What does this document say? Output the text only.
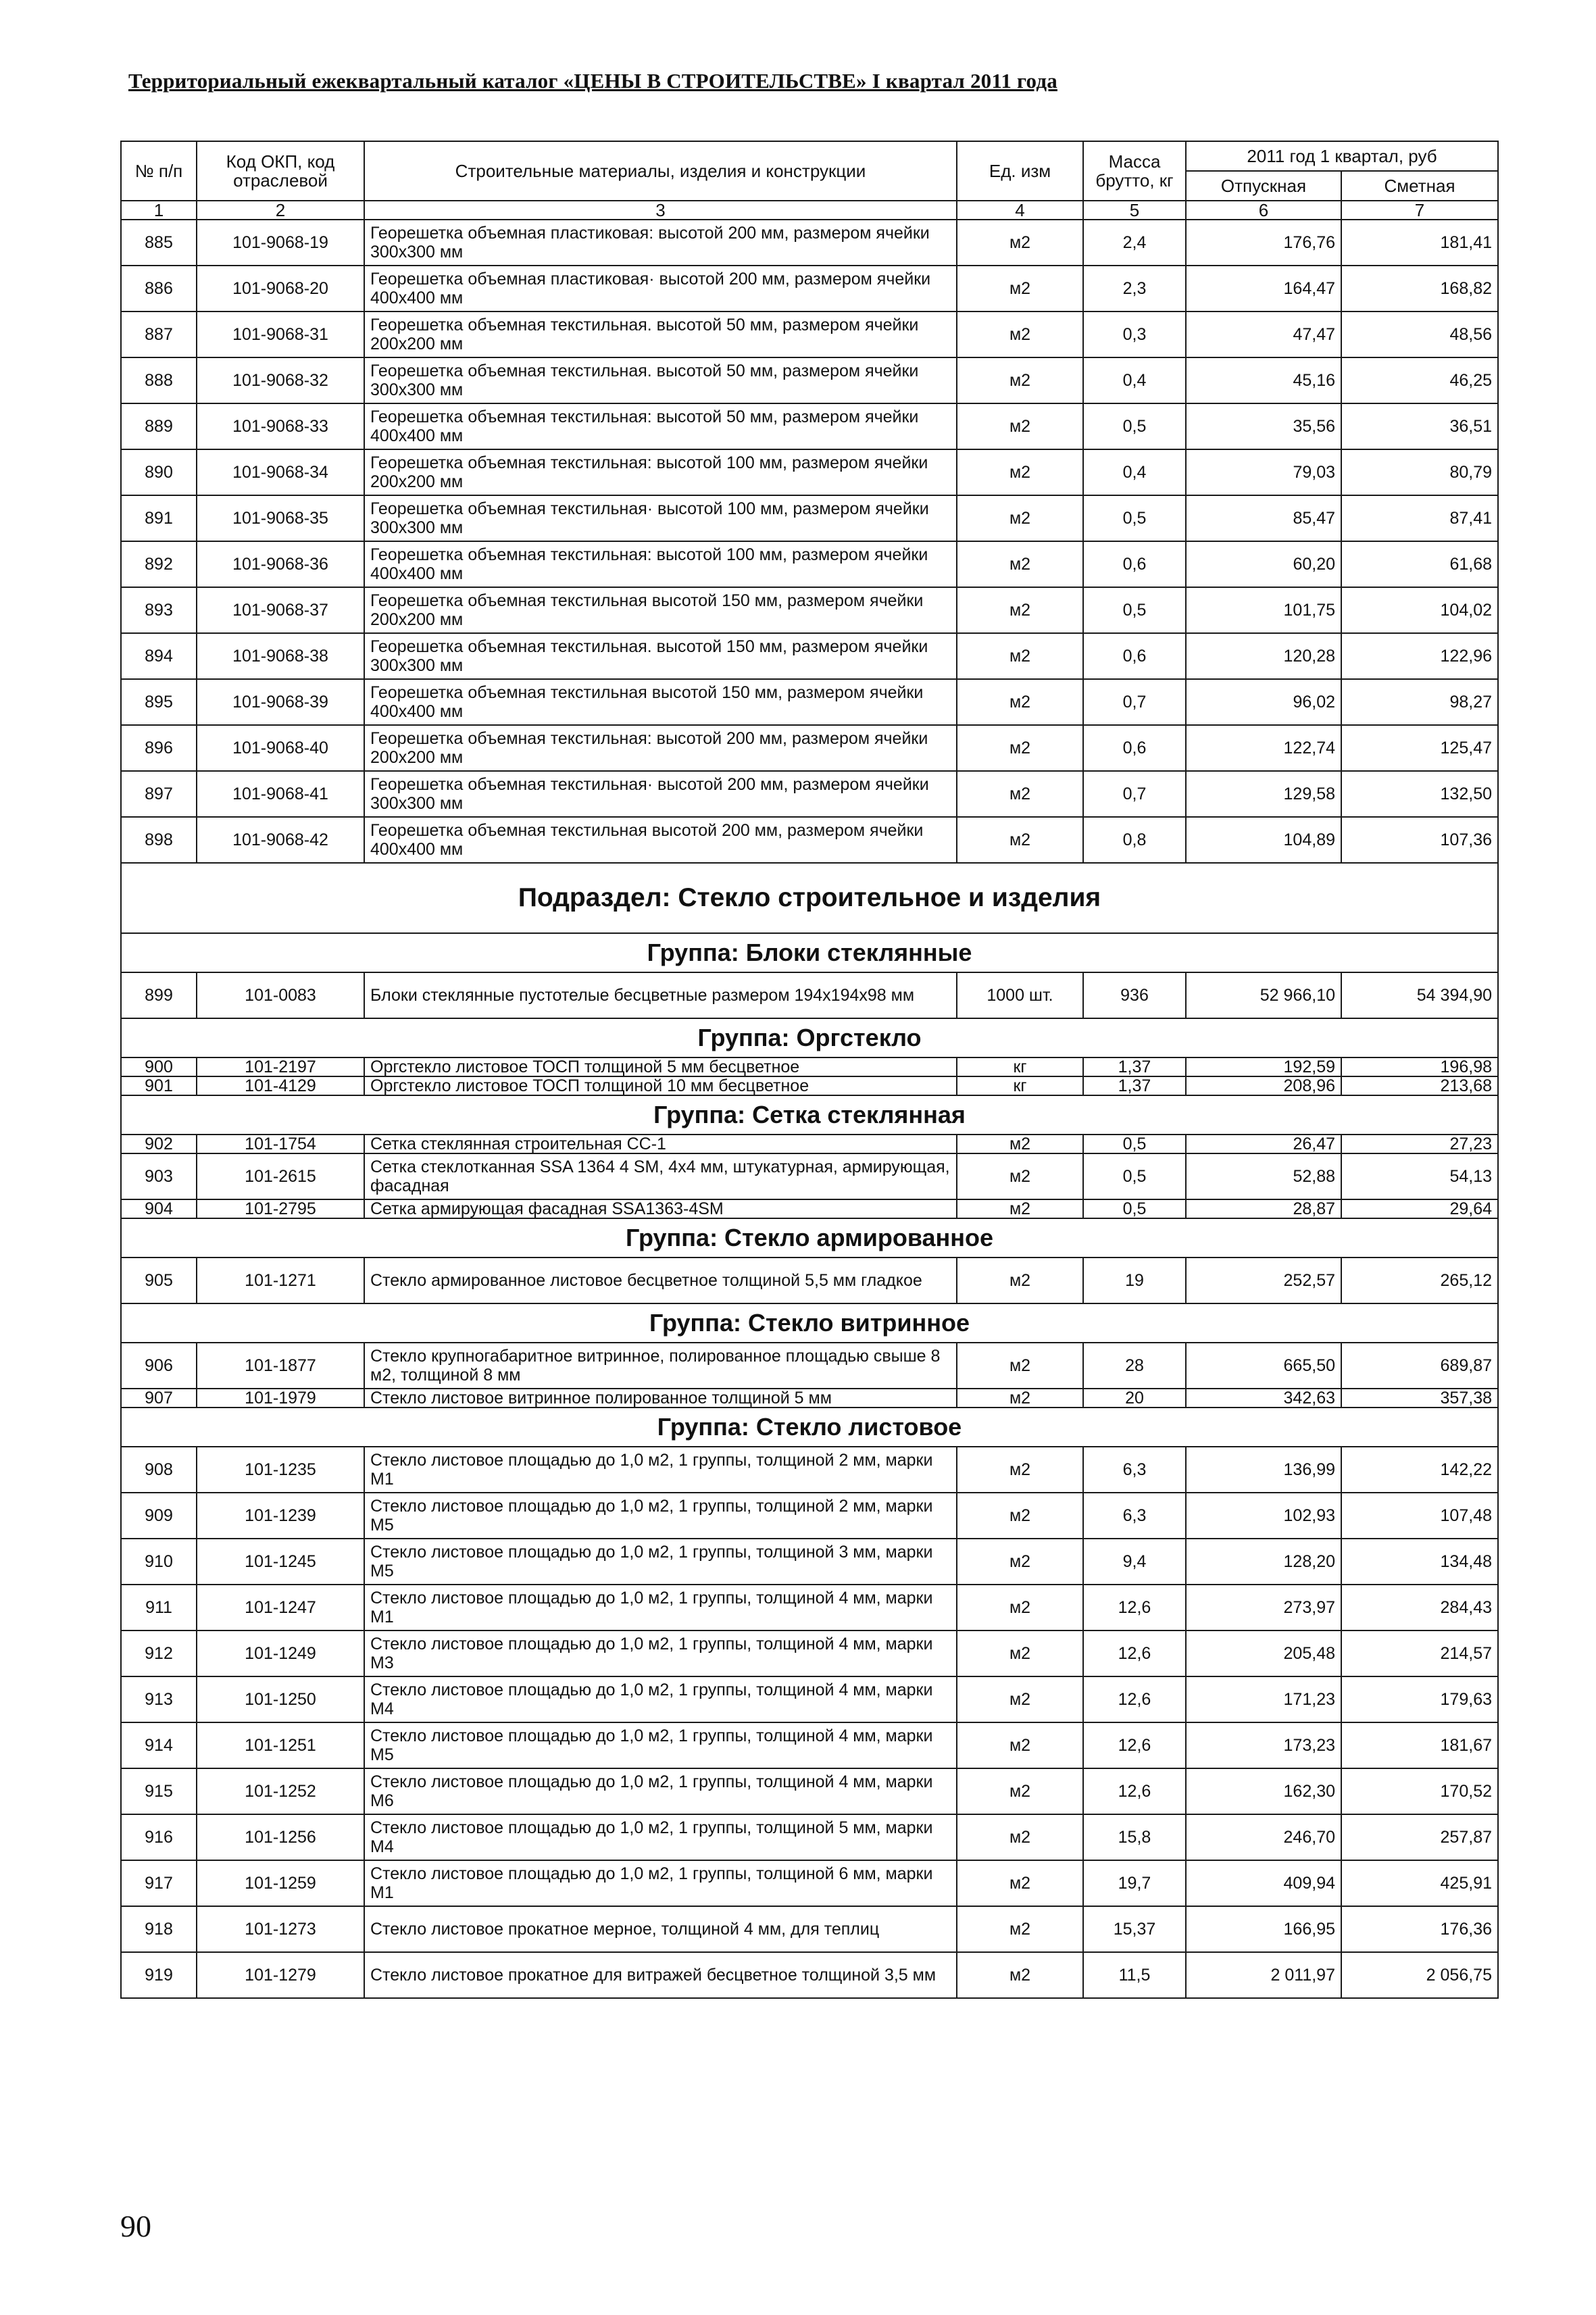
Территориальный ежеквартальный каталог «ЦЕНЫ В СТРОИТЕЛЬСТВЕ» I квартал 2011 года
№ п/п	Код ОКП, код отраслевой	Строительные материалы, изделия и конструкции	Ед. изм	Масса брутто, кг	2011 год 1 квартал, руб	
					Отпускная	Сметная
1	2	3	4	5	6	7
885	101-9068-19	Георешетка объемная пластиковая: высотой 200 мм, размером ячейки 300х300 мм	м2	2,4	176,76	181,41
886	101-9068-20	Георешетка объемная пластиковая· высотой 200 мм, размером ячейки 400х400 мм	м2	2,3	164,47	168,82
887	101-9068-31	Георешетка объемная текстильная. высотой 50 мм, размером ячейки 200х200 мм	м2	0,3	47,47	48,56
888	101-9068-32	Георешетка объемная текстильная. высотой 50 мм, размером ячейки 300х300 мм	м2	0,4	45,16	46,25
889	101-9068-33	Георешетка объемная текстильная: высотой 50 мм, размером ячейки 400х400 мм	м2	0,5	35,56	36,51
890	101-9068-34	Георешетка объемная текстильная: высотой 100 мм, размером ячейки 200х200 мм	м2	0,4	79,03	80,79
891	101-9068-35	Георешетка объемная текстильная· высотой 100 мм, размером ячейки 300х300 мм	м2	0,5	85,47	87,41
892	101-9068-36	Георешетка объемная текстильная: высотой 100 мм, размером ячейки 400х400 мм	м2	0,6	60,20	61,68
893	101-9068-37	Георешетка объемная текстильная высотой 150 мм, размером ячейки 200х200 мм	м2	0,5	101,75	104,02
894	101-9068-38	Георешетка объемная текстильная. высотой 150 мм, размером ячейки 300х300 мм	м2	0,6	120,28	122,96
895	101-9068-39	Георешетка объемная текстильная высотой 150 мм, размером ячейки 400х400 мм	м2	0,7	96,02	98,27
896	101-9068-40	Георешетка объемная текстильная: высотой 200 мм, размером ячейки 200х200 мм	м2	0,6	122,74	125,47
897	101-9068-41	Георешетка объемная текстильная· высотой 200 мм, размером ячейки 300х300 мм	м2	0,7	129,58	132,50
898	101-9068-42	Георешетка объемная текстильная высотой 200 мм, размером ячейки 400х400 мм	м2	0,8	104,89	107,36
Подраздел: Стекло строительное и изделия						
Группа: Блоки стеклянные						
899	101-0083	Блоки стеклянные пустотелые бесцветные размером 194х194х98 мм	1000 шт.	936	52 966,10	54 394,90
Группа: Оргстекло						
900	101-2197	Оргстекло листовое ТОСП толщиной 5 мм бесцветное	кг	1,37	192,59	196,98
901	101-4129	Оргстекло листовое ТОСП толщиной 10 мм бесцветное	кг	1,37	208,96	213,68
Группа: Сетка стеклянная						
902	101-1754	Сетка стеклянная строительная СС-1	м2	0,5	26,47	27,23
903	101-2615	Сетка стеклотканная SSA 1364 4 SM, 4х4 мм, штукатурная, армирующая, фасадная	м2	0,5	52,88	54,13
904	101-2795	Сетка армирующая фасадная SSA1363-4SM	м2	0,5	28,87	29,64
Группа: Стекло армированное						
905	101-1271	Стекло армированное листовое бесцветное толщиной 5,5 мм гладкое	м2	19	252,57	265,12
Группа: Стекло витринное						
906	101-1877	Стекло крупногабаритное витринное, полированное площадью свыше 8 м2, толщиной 8 мм	м2	28	665,50	689,87
907	101-1979	Стекло листовое витринное полированное толщиной 5 мм	м2	20	342,63	357,38
Группа: Стекло листовое						
908	101-1235	Стекло листовое площадью до 1,0 м2, 1 группы, толщиной 2 мм, марки М1	м2	6,3	136,99	142,22
909	101-1239	Стекло листовое площадью до 1,0 м2, 1 группы, толщиной 2 мм, марки М5	м2	6,3	102,93	107,48
910	101-1245	Стекло листовое площадью до 1,0 м2, 1 группы, толщиной 3 мм, марки М5	м2	9,4	128,20	134,48
911	101-1247	Стекло листовое площадью до 1,0 м2, 1 группы, толщиной 4 мм, марки М1	м2	12,6	273,97	284,43
912	101-1249	Стекло листовое площадью до 1,0 м2, 1 группы, толщиной 4 мм, марки М3	м2	12,6	205,48	214,57
913	101-1250	Стекло листовое площадью до 1,0 м2, 1 группы, толщиной 4 мм, марки М4	м2	12,6	171,23	179,63
914	101-1251	Стекло листовое площадью до 1,0 м2, 1 группы, толщиной 4 мм, марки М5	м2	12,6	173,23	181,67
915	101-1252	Стекло листовое площадью до 1,0 м2, 1 группы, толщиной 4 мм, марки М6	м2	12,6	162,30	170,52
916	101-1256	Стекло листовое площадью до 1,0 м2, 1 группы, толщиной 5 мм, марки М4	м2	15,8	246,70	257,87
917	101-1259	Стекло листовое площадью до 1,0 м2, 1 группы, толщиной 6 мм, марки М1	м2	19,7	409,94	425,91
918	101-1273	Стекло листовое прокатное мерное, толщиной 4 мм, для теплиц	м2	15,37	166,95	176,36
919	101-1279	Стекло листовое прокатное для витражей бесцветное толщиной 3,5 мм	м2	11,5	2 011,97	2 056,75
90
